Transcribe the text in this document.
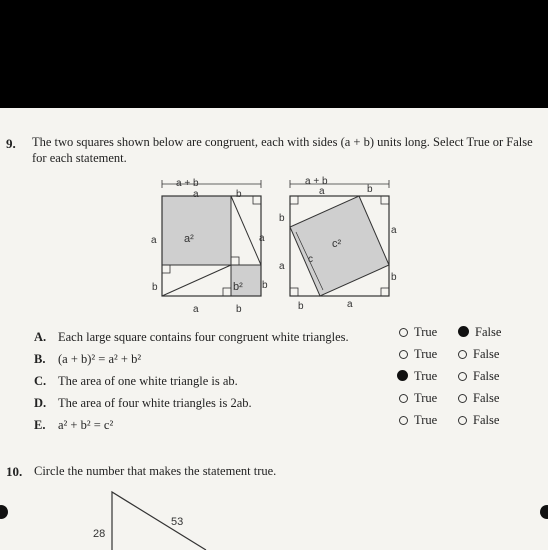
9. The two squares shown below are congruent, each with sides (a + b) units long. Select True or False for each statement.
a + b	a + b
a	b
a
b
a²
b²
a
b
a	b
a	b
b
a
c²
c
a
b
b	a
A. Each large square contains four congruent white triangles.
B. (a + b)² = a² + b²
C. The area of one white triangle is ab.
D. The area of four white triangles is 2ab.
E. a² + b² = c²
True	False
True	False
True	False
True	False
True	False
10. Circle the number that makes the statement true.
28
53
